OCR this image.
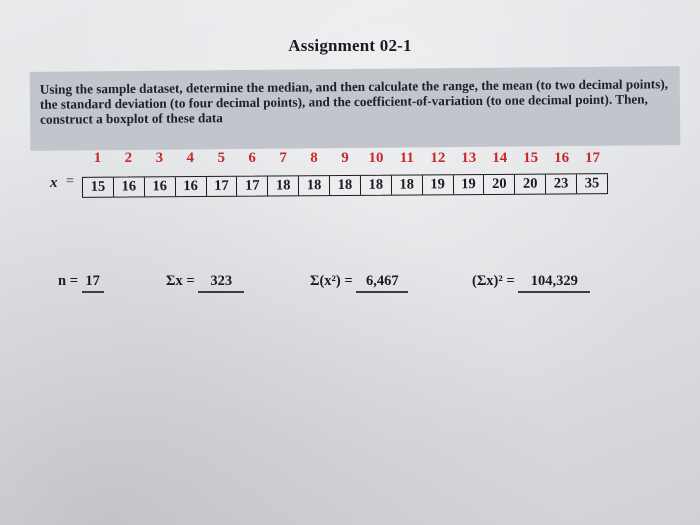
Assignment 02-1
Using the sample dataset, determine the median, and then calculate the range, the mean (to two decimal points), the standard deviation (to four decimal points), and the coefficient-of-variation (to one decimal point). Then, construct a boxplot of these data
1	2	3	4	5	6	7	8	9	10	11	12	13	14	15	16	17
x =	15	16	16	16	17	17	18	18	18	18	18	19	19	20	20	23	35
n = 17	Σx = 323	Σ(x²) = 6,467	(Σx)² = 104,329
